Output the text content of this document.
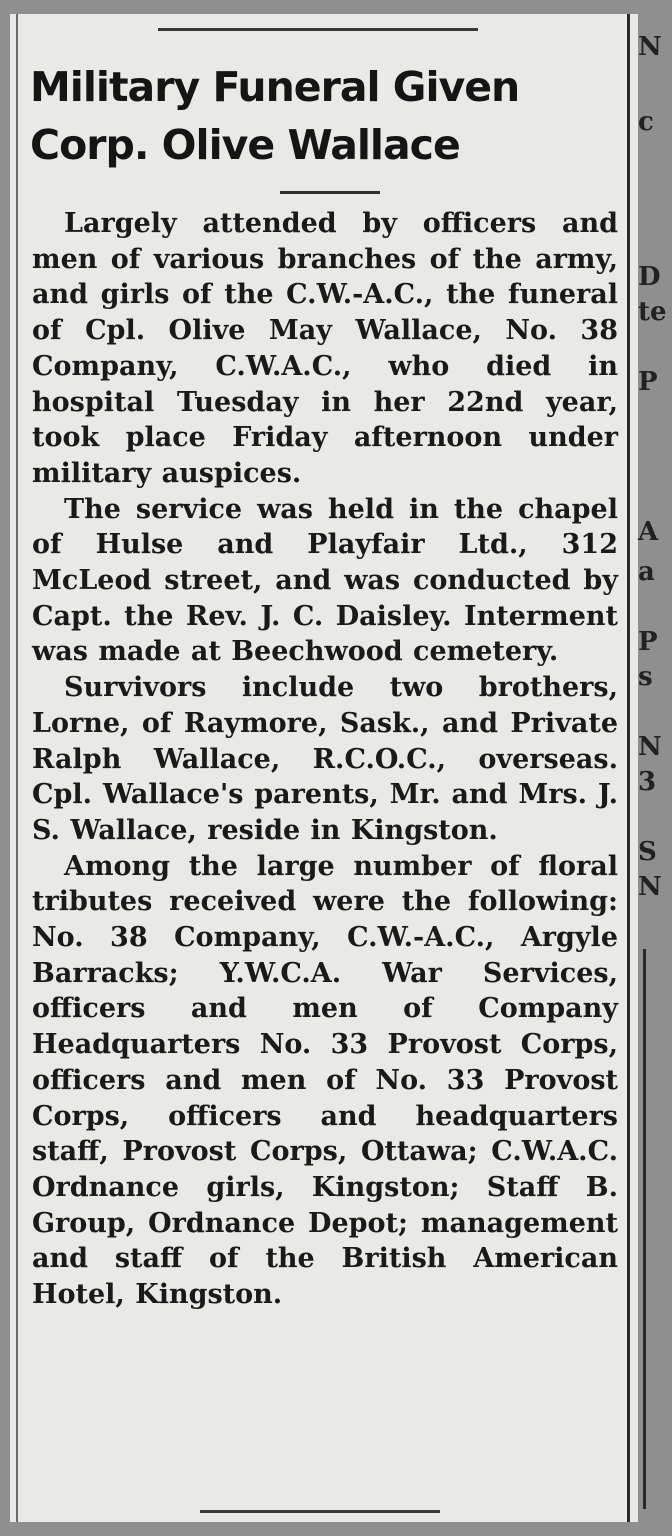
Military Funeral Given
Corp. Olive Wallace

Largely attended by officers and men of various branches of the army, and girls of the C.W.-A.C., the funeral of Cpl. Olive May Wallace, No. 38 Company, C.W.A.C., who died in hospital Tuesday in her 22nd year, took place Friday afternoon under military auspices.

The service was held in the chapel of Hulse and Playfair Ltd., 312 McLeod street, and was conducted by Capt. the Rev. J. C. Daisley. Interment was made at Beechwood cemetery.

Survivors include two brothers, Lorne, of Raymore, Sask., and Private Ralph Wallace, R.C.O.C., overseas. Cpl. Wallace's parents, Mr. and Mrs. J. S. Wallace, reside in Kingston.

Among the large number of floral tributes received were the following: No. 38 Company, C.W.-A.C., Argyle Barracks; Y.W.C.A. War Services, officers and men of Company Headquarters No. 33 Provost Corps, officers and men of No. 33 Provost Corps, officers and headquarters staff, Provost Corps, Ottawa; C.W.A.C. Ordnance girls, Kingston; Staff B. Group, Ordnance Depot; management and staff of the British American Hotel, Kingston.

N
c
D
te
P
A
a
P
s
N
3
S
N
